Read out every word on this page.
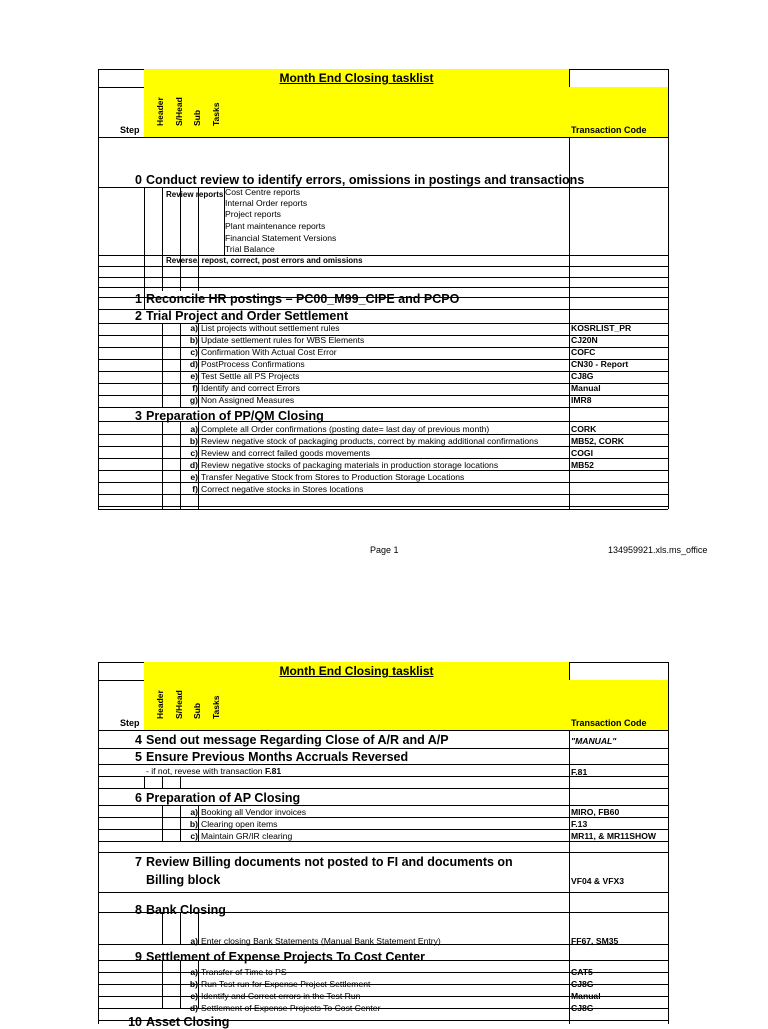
Month End Closing tasklist
Step
0 Conduct review to identify errors, omissions in postings and transactions
Review reports Cost Centre reports
Internal Order reports
Project reports
Plant maintenance reports
Financial Statement Versions
Trial Balance
Reverse, repost, correct, post errors and omissions
1 Reconcile HR postings – PC00_M99_CIPE and PCPO
2 Trial Project and Order Settlement
a) List projects without settlement rules	KOSRLIST_PR
b) Update settlement rules for WBS Elements	CJ20N
c) Confirmation With Actual Cost Error	COFC
d) PostProcess Confirmations	CN30 - Report
e) Test Settle all PS Projects	CJ8G
f) Identify and correct Errors	Manual
g) Non Assigned Measures	IMR8
3 Preparation of PP/QM Closing
a) Complete all Order confirmations (posting date= last day of previous month)	CORK
b) Review negative stock of packaging products, correct by making additional confirmations	MB52, CORK
c) Review and correct failed goods movements	COGI
d) Review negative stocks of packaging materials in production storage locations	MB52
e) Transfer Negative Stock from Stores to Production Storage Locations
f) Correct negative stocks in Stores locations
Page 1	134959921.xls.ms_office
Month End Closing tasklist
Step
4 Send out message Regarding Close of A/R and A/P	"MANUAL"
5 Ensure Previous Months Accruals Reversed
- if not, revese with transaction F.81	F.81
6 Preparation of AP Closing
a) Booking all Vendor invoices	MIRO, FB60
b) Clearing open items	F.13
c) Maintain GR/IR clearing	MR11, & MR11SHOW
7 Review Billing documents not posted to FI and documents on
Billing block	VF04 & VFX3
8 Bank Closing
a) Enter closing Bank Statements (Manual Bank Statement Entry)	FF67, SM35
9 Settlement of Expense Projects To Cost Center
a) Transfer of Time to PS	CAT5
b) Run Test run for Expense Project Settlement	CJ8G
c) Identify and Correct errors in the Test Run	Manual
d) Settlement of Expense Projects To Cost Center	CJ8G
10 Asset Closing
